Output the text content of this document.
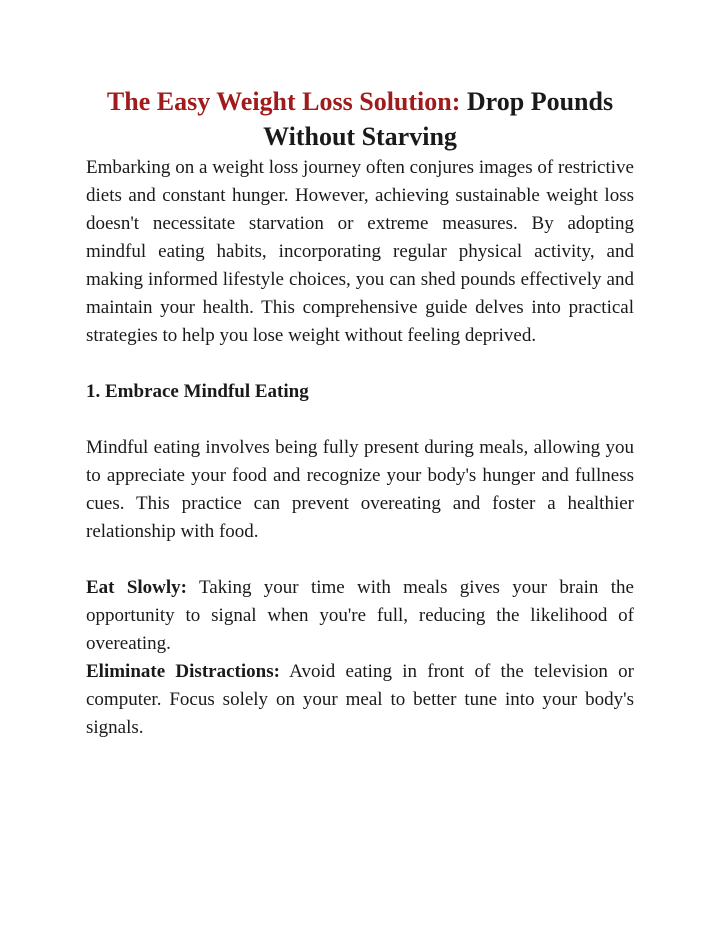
The Easy Weight Loss Solution: Drop Pounds Without Starving

Embarking on a weight loss journey often conjures images of restrictive diets and constant hunger. However, achieving sustainable weight loss doesn't necessitate starvation or extreme measures. By adopting mindful eating habits, incorporating regular physical activity, and making informed lifestyle choices, you can shed pounds effectively and maintain your health. This comprehensive guide delves into practical strategies to help you lose weight without feeling deprived.

1. Embrace Mindful Eating

Mindful eating involves being fully present during meals, allowing you to appreciate your food and recognize your body's hunger and fullness cues. This practice can prevent overeating and foster a healthier relationship with food.

Eat Slowly: Taking your time with meals gives your brain the opportunity to signal when you're full, reducing the likelihood of overeating.

Eliminate Distractions: Avoid eating in front of the television or computer. Focus solely on your meal to better tune into your body's signals.
